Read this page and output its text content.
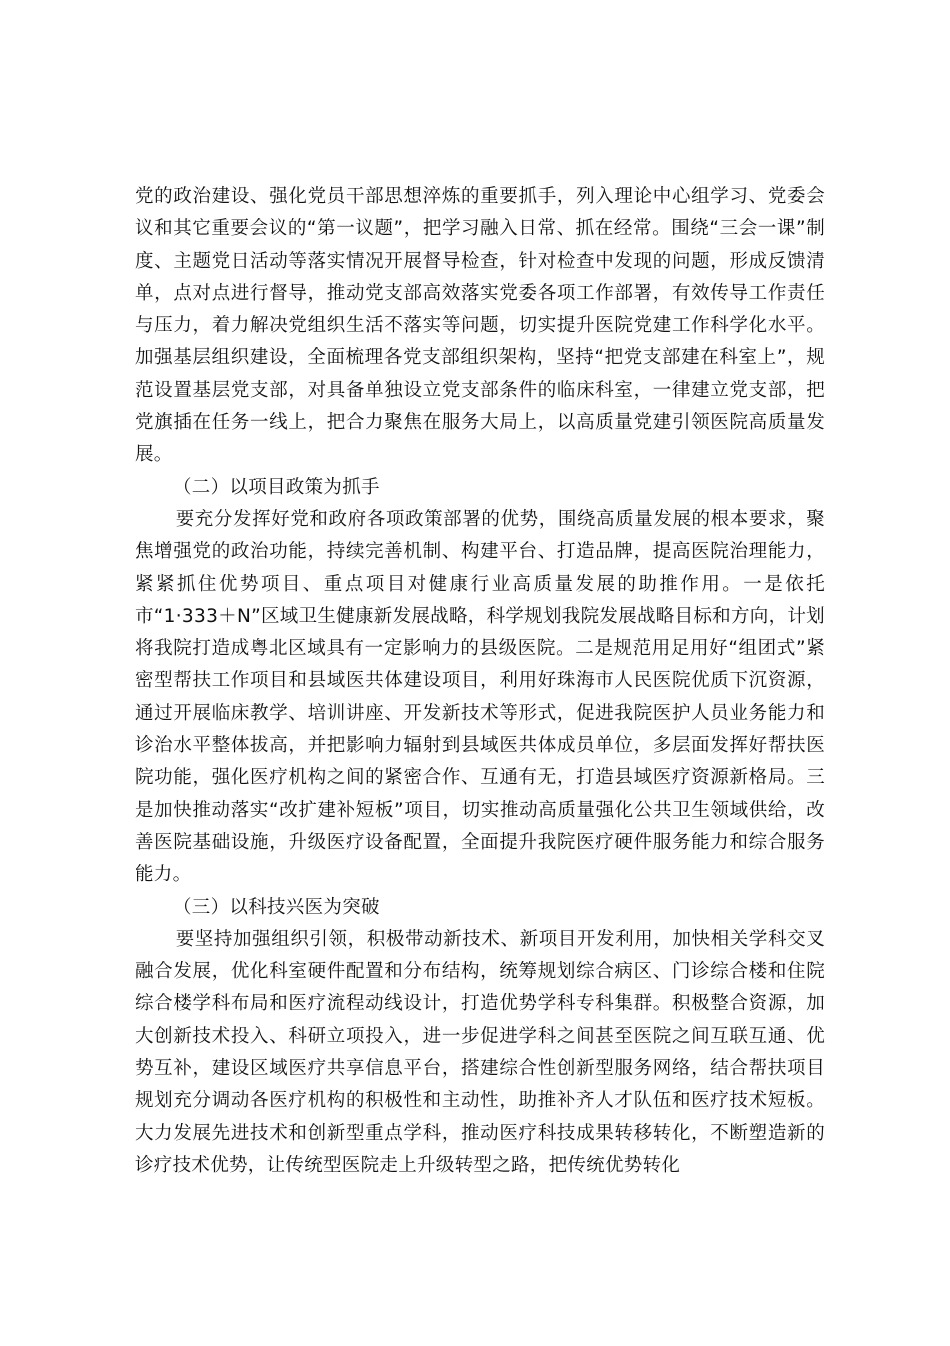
党的政治建设、强化党员干部思想淬炼的重要抓手，列入理论中心组学习、党委会议和其它重要会议的“第一议题”，把学习融入日常、抓在经常。围绕“三会一课”制度、主题党日活动等落实情况开展督导检查，针对检查中发现的问题，形成反馈清单，点对点进行督导，推动党支部高效落实党委各项工作部署，有效传导工作责任与压力，着力解决党组织生活不落实等问题，切实提升医院党建工作科学化水平。加强基层组织建设，全面梳理各党支部组织架构，坚持“把党支部建在科室上”，规范设置基层党支部，对具备单独设立党支部条件的临床科室，一律建立党支部，把党旗插在任务一线上，把合力聚焦在服务大局上，以高质量党建引领医院高质量发展。

（二）以项目政策为抓手

要充分发挥好党和政府各项政策部署的优势，围绕高质量发展的根本要求，聚焦增强党的政治功能，持续完善机制、构建平台、打造品牌，提高医院治理能力，紧紧抓住优势项目、重点项目对健康行业高质量发展的助推作用。一是依托市“1·333＋N”区域卫生健康新发展战略，科学规划我院发展战略目标和方向，计划将我院打造成粤北区域具有一定影响力的县级医院。二是规范用足用好“组团式”紧密型帮扶工作项目和县域医共体建设项目，利用好珠海市人民医院优质下沉资源，通过开展临床教学、培训讲座、开发新技术等形式，促进我院医护人员业务能力和诊治水平整体拔高，并把影响力辐射到县域医共体成员单位，多层面发挥好帮扶医院功能，强化医疗机构之间的紧密合作、互通有无，打造县域医疗资源新格局。三是加快推动落实“改扩建补短板”项目，切实推动高质量强化公共卫生领域供给，改善医院基础设施，升级医疗设备配置，全面提升我院医疗硬件服务能力和综合服务能力。

（三）以科技兴医为突破

要坚持加强组织引领，积极带动新技术、新项目开发利用，加快相关学科交叉融合发展，优化科室硬件配置和分布结构，统筹规划综合病区、门诊综合楼和住院综合楼学科布局和医疗流程动线设计，打造优势学科专科集群。积极整合资源，加大创新技术投入、科研立项投入，进一步促进学科之间甚至医院之间互联互通、优势互补，建设区域医疗共享信息平台，搭建综合性创新型服务网络，结合帮扶项目规划充分调动各医疗机构的积极性和主动性，助推补齐人才队伍和医疗技术短板。大力发展先进技术和创新型重点学科，推动医疗科技成果转移转化，不断塑造新的诊疗技术优势，让传统型医院走上升级转型之路，把传统优势转化
